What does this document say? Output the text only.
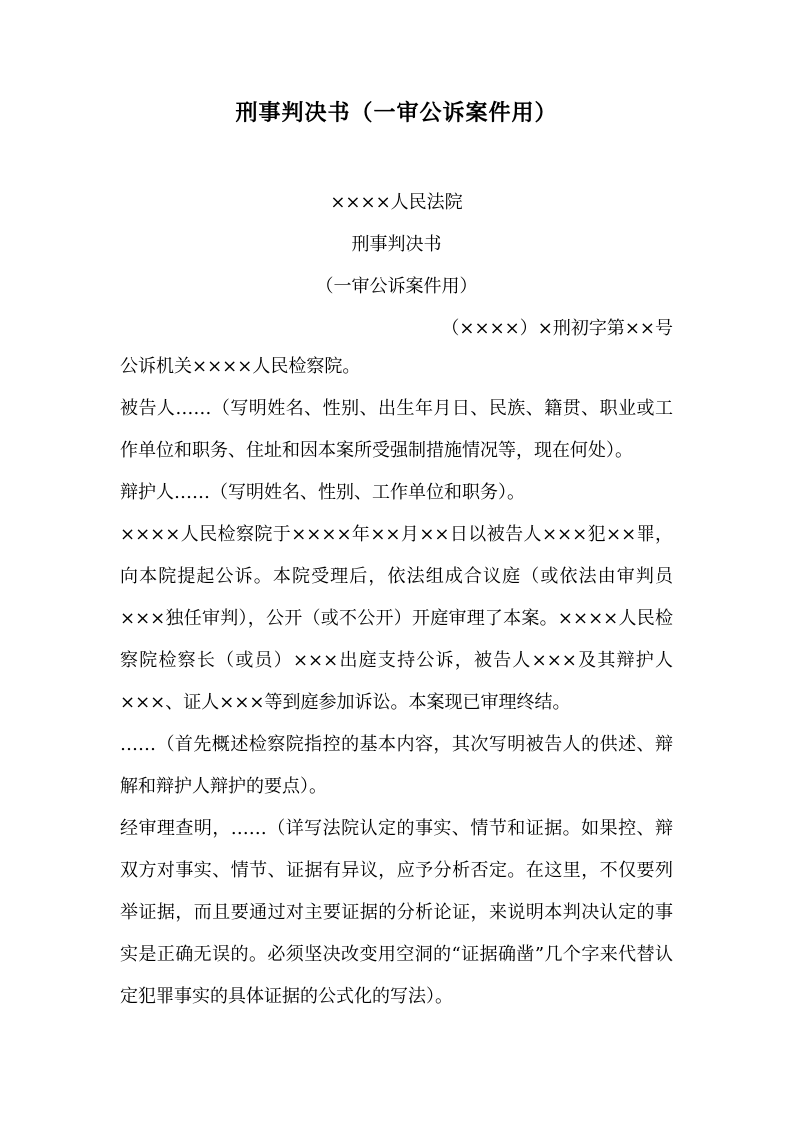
刑事判决书（一审公诉案件用）
××××人民法院
刑事判决书
（一审公诉案件用）
（××××）×刑初字第××号

公诉机关××××人民检察院。

被告人……（写明姓名、性别、出生年月日、民族、籍贯、职业或工作单位和职务、住址和因本案所受强制措施情况等，现在何处）。

辩护人……（写明姓名、性别、工作单位和职务）。

××××人民检察院于××××年××月××日以被告人×××犯××罪，向本院提起公诉。本院受理后，依法组成合议庭（或依法由审判员×××独任审判），公开（或不公开）开庭审理了本案。××××人民检察院检察长（或员）×××出庭支持公诉，被告人×××及其辩护人×××、证人×××等到庭参加诉讼。本案现已审理终结。

……（首先概述检察院指控的基本内容，其次写明被告人的供述、辩解和辩护人辩护的要点）。

经审理查明，……（详写法院认定的事实、情节和证据。如果控、辩双方对事实、情节、证据有异议，应予分析否定。在这里，不仅要列举证据，而且要通过对主要证据的分析论证，来说明本判决认定的事实是正确无误的。必须坚决改变用空洞的“证据确凿”几个字来代替认定犯罪事实的具体证据的公式化的写法）。
